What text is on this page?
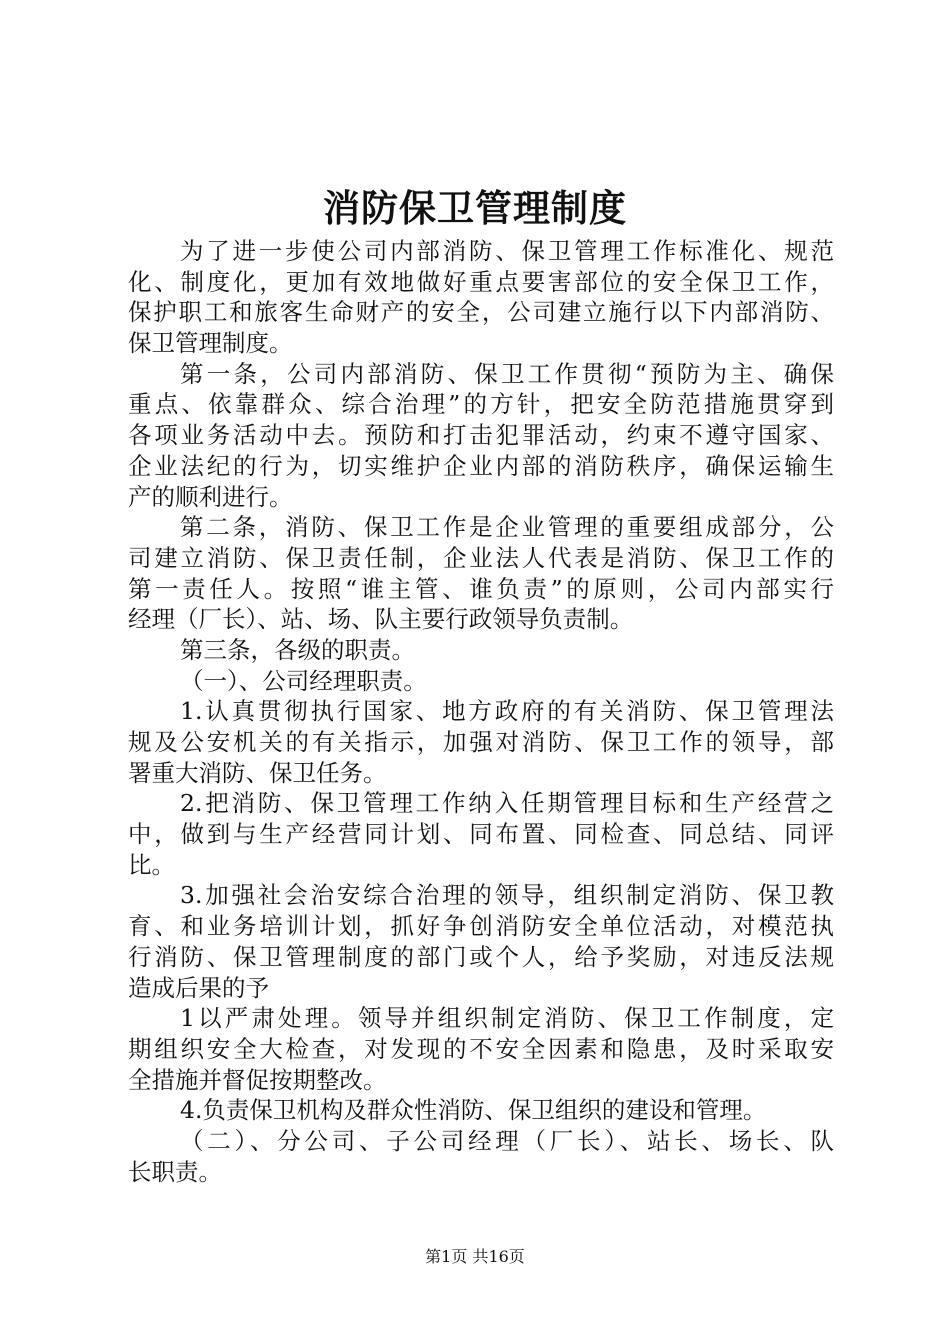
消防保卫管理制度
为了进一步使公司内部消防、保卫管理工作标准化、规范
化、制度化，更加有效地做好重点要害部位的安全保卫工作，
保护职工和旅客生命财产的安全，公司建立施行以下内部消防、
保卫管理制度。
第一条，公司内部消防、保卫工作贯彻“预防为主、确保
重点、依靠群众、综合治理”的方针，把安全防范措施贯穿到
各项业务活动中去。预防和打击犯罪活动，约束不遵守国家、
企业法纪的行为，切实维护企业内部的消防秩序，确保运输生
产的顺利进行。
第二条，消防、保卫工作是企业管理的重要组成部分，公
司建立消防、保卫责任制，企业法人代表是消防、保卫工作的
第一责任人。按照“谁主管、谁负责”的原则，公司内部实行
经理（厂长）、站、场、队主要行政领导负责制。
第三条，各级的职责。
（一）、公司经理职责。
1.认真贯彻执行国家、地方政府的有关消防、保卫管理法
规及公安机关的有关指示，加强对消防、保卫工作的领导，部
署重大消防、保卫任务。
2.把消防、保卫管理工作纳入任期管理目标和生产经营之
中，做到与生产经营同计划、同布置、同检查、同总结、同评
比。
3.加强社会治安综合治理的领导，组织制定消防、保卫教
育、和业务培训计划，抓好争创消防安全单位活动，对模范执
行消防、保卫管理制度的部门或个人，给予奖励，对违反法规
造成后果的予
1以严肃处理。领导并组织制定消防、保卫工作制度，定
期组织安全大检查，对发现的不安全因素和隐患，及时采取安
全措施并督促按期整改。
4.负责保卫机构及群众性消防、保卫组织的建设和管理。
（二）、分公司、子公司经理（厂长）、站长、场长、队
长职责。
第1页 共16页
